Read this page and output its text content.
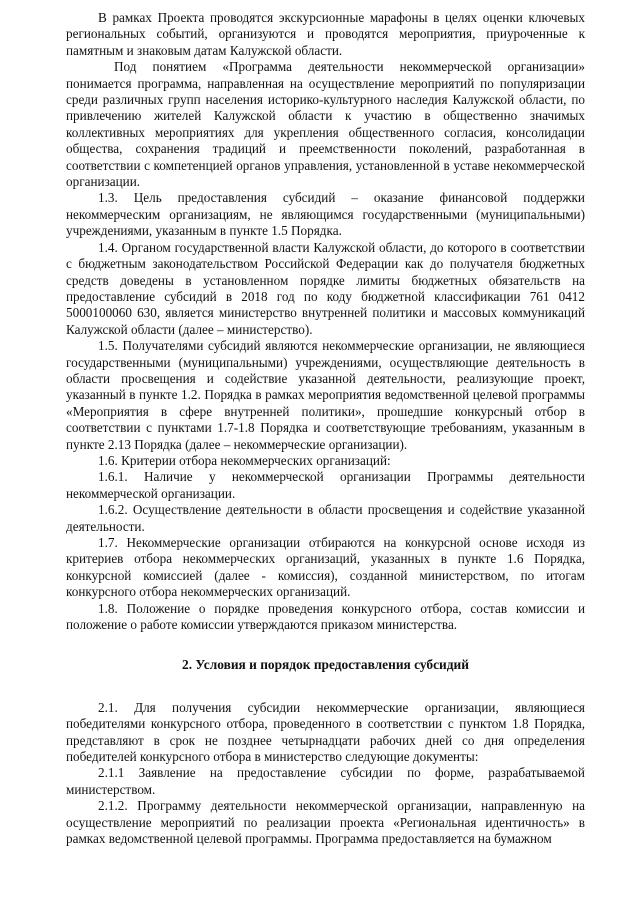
В рамках Проекта проводятся экскурсионные марафоны в целях оценки ключевых региональных событий, организуются и проводятся мероприятия, приуроченные к памятным и знаковым датам Калужской области.

Под понятием «Программа деятельности некоммерческой организации» понимается программа, направленная на осуществление мероприятий по популяризации среди различных групп населения историко-культурного наследия Калужской области, по привлечению жителей Калужской области к участию в общественно значимых коллективных мероприятиях для укрепления общественного согласия, консолидации общества, сохранения традиций и преемственности поколений, разработанная в соответствии с компетенцией органов управления, установленной в уставе некоммерческой организации.

1.3. Цель предоставления субсидий – оказание финансовой поддержки некоммерческим организациям, не являющимся государственными (муниципальными) учреждениями, указанным в пункте 1.5 Порядка.

1.4. Органом государственной власти Калужской области, до которого в соответствии с бюджетным законодательством Российской Федерации как до получателя бюджетных средств доведены в установленном порядке лимиты бюджетных обязательств на предоставление субсидий в 2018 год по коду бюджетной классификации 761 0412 5000100060 630, является министерство внутренней политики и массовых коммуникаций Калужской области (далее – министерство).

1.5. Получателями субсидий являются некоммерческие организации, не являющиеся государственными (муниципальными) учреждениями, осуществляющие деятельность в области просвещения и содействие указанной деятельности, реализующие проект, указанный в пункте 1.2. Порядка в рамках мероприятия ведомственной целевой программы «Мероприятия в сфере внутренней политики», прошедшие конкурсный отбор в соответствии с пунктами 1.7-1.8 Порядка и соответствующие требованиям, указанным в пункте 2.13 Порядка (далее – некоммерческие организации).

1.6. Критерии отбора некоммерческих организаций:

1.6.1. Наличие у некоммерческой организации Программы деятельности некоммерческой организации.

1.6.2. Осуществление деятельности в области просвещения и содействие указанной деятельности.

1.7. Некоммерческие организации отбираются на конкурсной основе исходя из критериев отбора некоммерческих организаций, указанных в пункте 1.6 Порядка, конкурсной комиссией (далее - комиссия), созданной министерством, по итогам конкурсного отбора некоммерческих организаций.

1.8. Положение о порядке проведения конкурсного отбора, состав комиссии и положение о работе комиссии утверждаются приказом министерства.

2. Условия и порядок предоставления субсидий

2.1. Для получения субсидии некоммерческие организации, являющиеся победителями конкурсного отбора, проведенного в соответствии с пунктом 1.8 Порядка, представляют в срок не позднее четырнадцати рабочих дней со дня определения победителей конкурсного отбора в министерство следующие документы:

2.1.1 Заявление на предоставление субсидии по форме, разрабатываемой министерством.

2.1.2. Программу деятельности некоммерческой организации, направленную на осуществление мероприятий по реализации проекта «Региональная идентичность» в рамках ведомственной целевой программы. Программа предоставляется на бумажном
